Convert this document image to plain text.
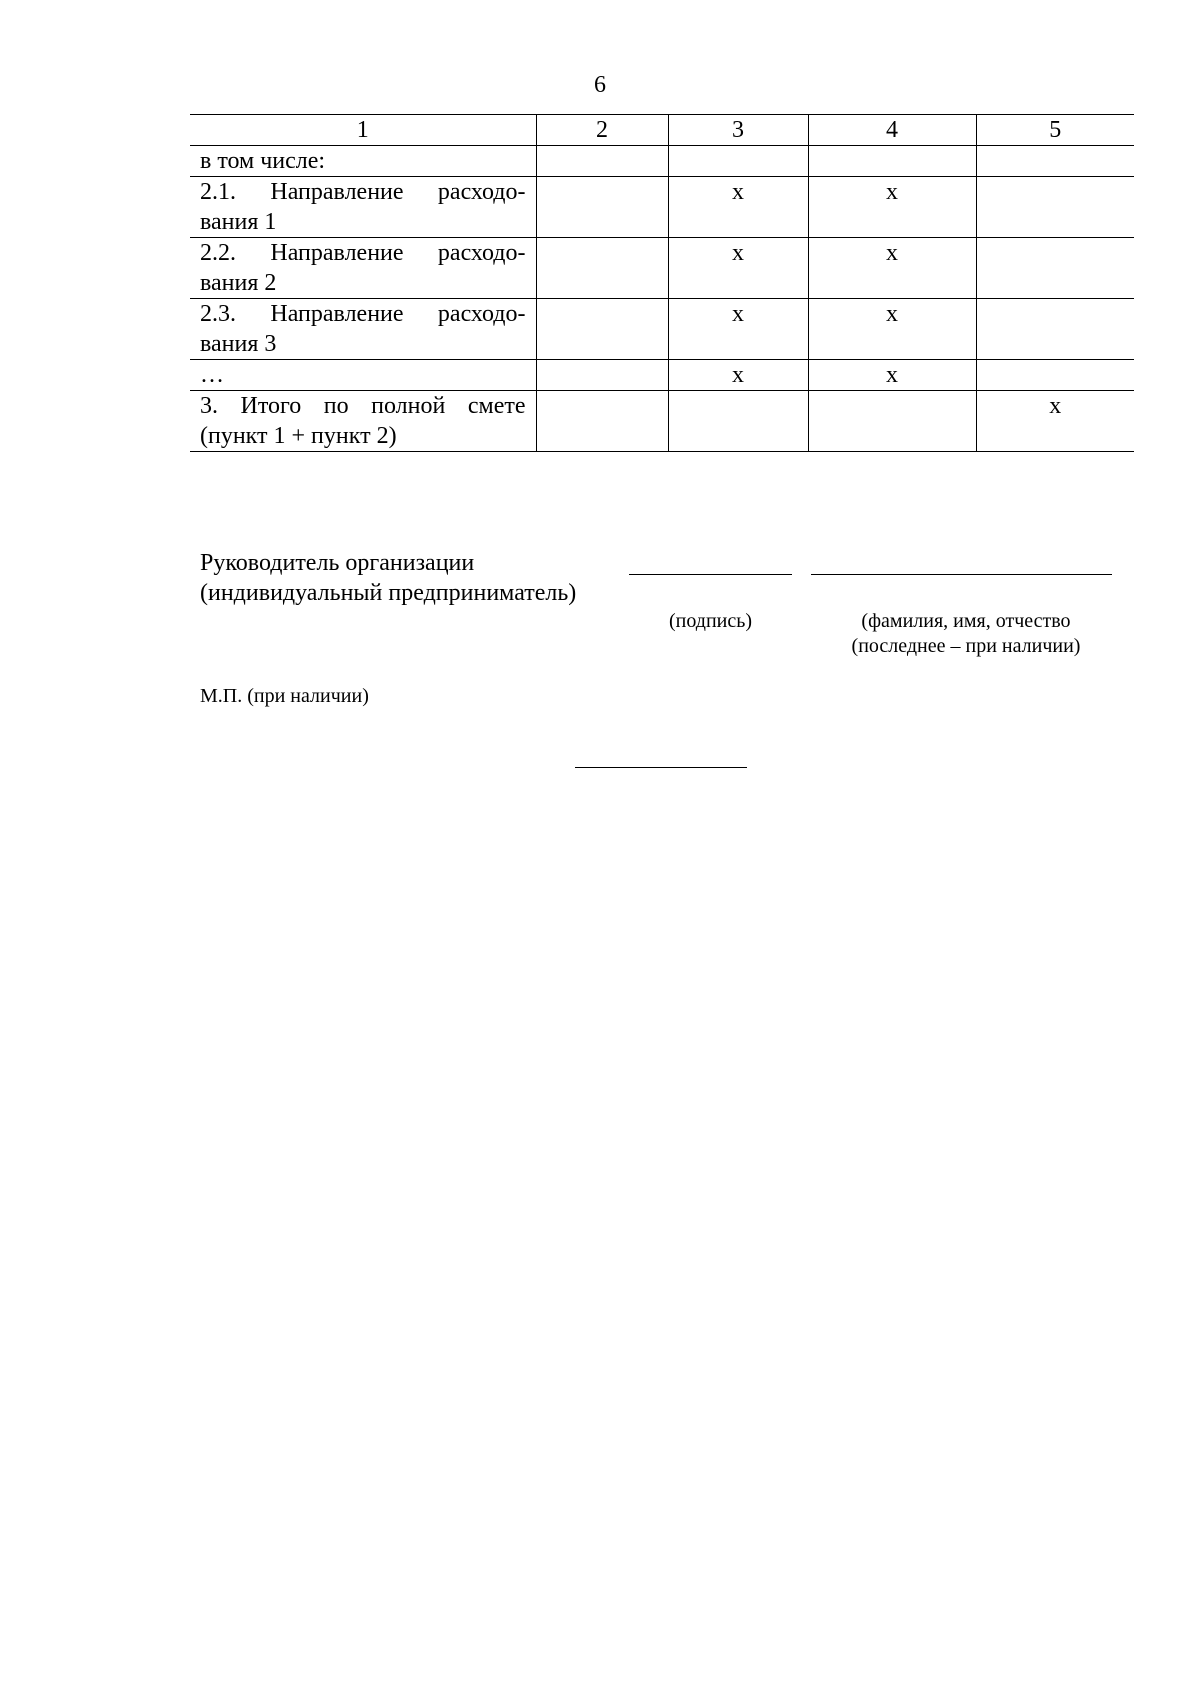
6
1	2	3	4	5
в том числе:				
2.1. Направление расходо-вания 1		х	х	
2.2. Направление расходо-вания 2		х	х	
2.3. Направление расходо-вания 3		х	х	
…		х	х	
3. Итого по полной смете (пункт 1 + пункт 2)				х
Руководитель организации
(индивидуальный предприниматель)
(подпись)	(фамилия, имя, отчество
(последнее – при наличии)
М.П. (при наличии)
